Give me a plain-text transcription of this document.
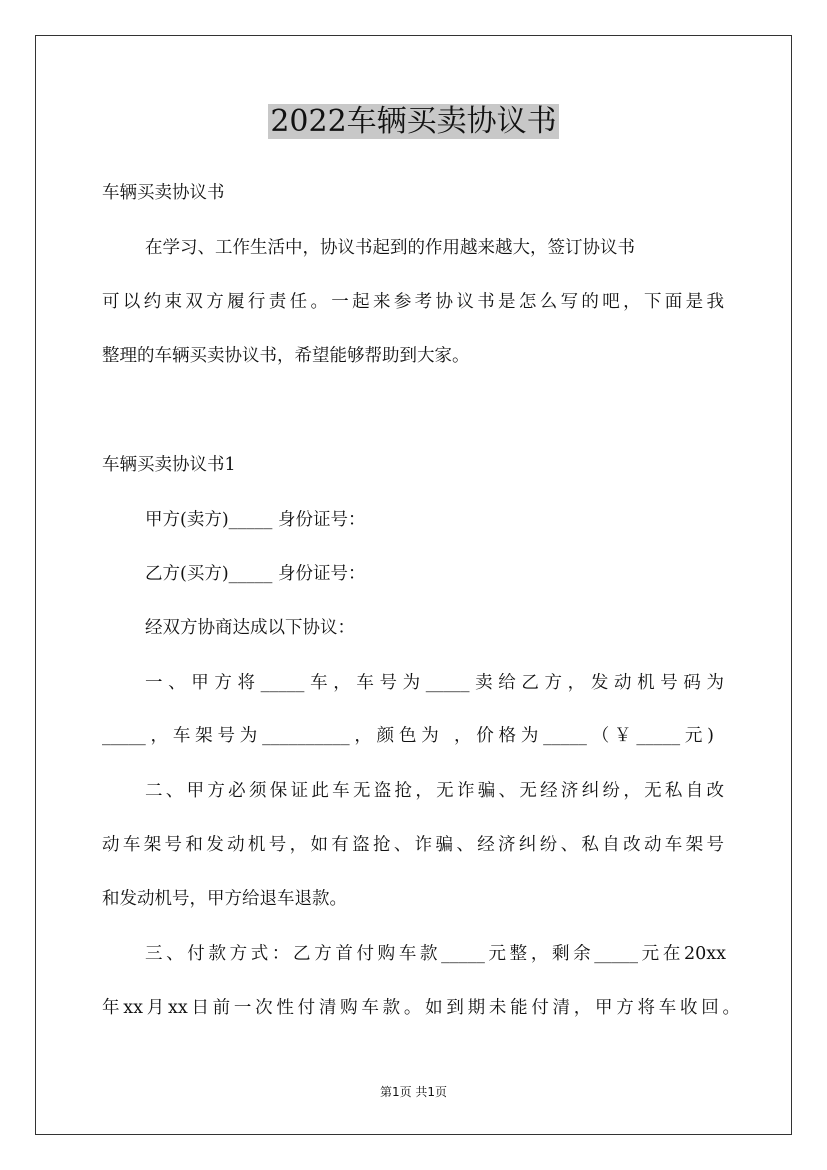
2022车辆买卖协议书

车辆买卖协议书

在学习、工作生活中，协议书起到的作用越来越大，签订协议书

可以约束双方履行责任。一起来参考协议书是怎么写的吧，下面是我

整理的车辆买卖协议书，希望能够帮助到大家。

车辆买卖协议书1

甲方(卖方)_____ 身份证号：

乙方(买方)_____ 身份证号：

经双方协商达成以下协议：

一、甲方将_____车，车号为_____卖给乙方，发动机号码为

_____，车架号为__________，颜色为 ，价格为_____（￥_____元)

二、甲方必须保证此车无盗抢，无诈骗、无经济纠纷，无私自改

动车架号和发动机号，如有盗抢、诈骗、经济纠纷、私自改动车架号

和发动机号，甲方给退车退款。

三、付款方式：乙方首付购车款_____元整，剩余_____元在20xx

年xx月xx日前一次性付清购车款。如到期未能付清，甲方将车收回。

第1页 共1页
